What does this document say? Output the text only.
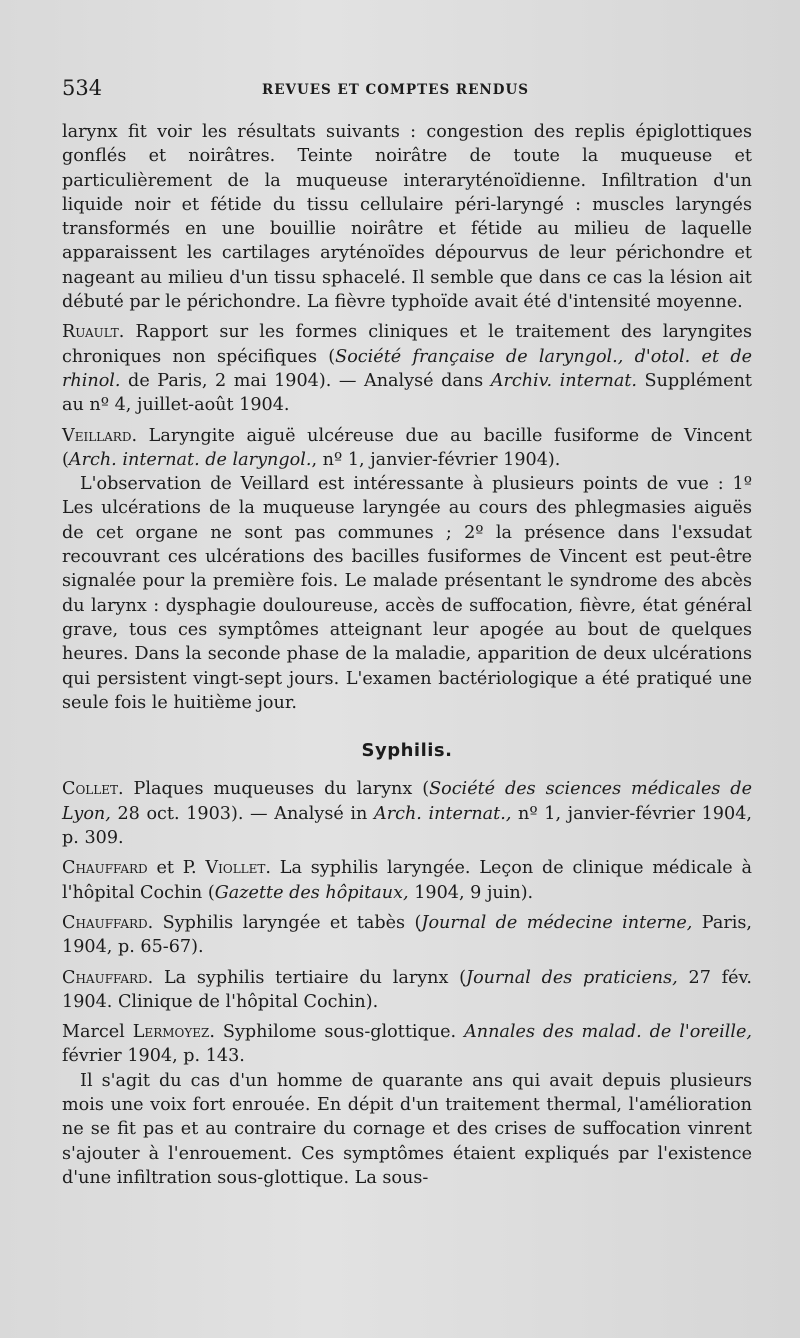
534	REVUES ET COMPTES RENDUS

larynx fit voir les résultats suivants : congestion des replis épiglottiques gonflés et noirâtres. Teinte noirâtre de toute la muqueuse et particulièrement de la muqueuse interaryténoïdienne. Infiltration d'un liquide noir et fétide du tissu cellulaire péri-laryngé : muscles laryngés transformés en une bouillie noirâtre et fétide au milieu de laquelle apparaissent les cartilages aryténoïdes dépourvus de leur périchondre et nageant au milieu d'un tissu sphacelé. Il semble que dans ce cas la lésion ait débuté par le périchondre. La fièvre typhoïde avait été d'intensité moyenne.

Ruault. Rapport sur les formes cliniques et le traitement des laryngites chroniques non spécifiques (Société française de laryngol., d'otol. et de rhinol. de Paris, 2 mai 1904). — Analysé dans Archiv. internat. Supplément au nº 4, juillet-août 1904.

Veillard. Laryngite aiguë ulcéreuse due au bacille fusiforme de Vincent (Arch. internat. de laryngol., nº 1, janvier-février 1904).

L'observation de Veillard est intéressante à plusieurs points de vue : 1º Les ulcérations de la muqueuse laryngée au cours des phlegmasies aiguës de cet organe ne sont pas communes ; 2º la présence dans l'exsudat recouvrant ces ulcérations des bacilles fusiformes de Vincent est peut-être signalée pour la première fois. Le malade présentant le syndrome des abcès du larynx : dysphagie douloureuse, accès de suffocation, fièvre, état général grave, tous ces symptômes atteignant leur apogée au bout de quelques heures. Dans la seconde phase de la maladie, apparition de deux ulcérations qui persistent vingt-sept jours. L'examen bactériologique a été pratiqué une seule fois le huitième jour.

Syphilis.

Collet. Plaques muqueuses du larynx (Société des sciences médicales de Lyon, 28 oct. 1903). — Analysé in Arch. internat., nº 1, janvier-février 1904, p. 309.

Chauffard et P. Viollet. La syphilis laryngée. Leçon de clinique médicale à l'hôpital Cochin (Gazette des hôpitaux, 1904, 9 juin).

Chauffard. Syphilis laryngée et tabès (Journal de médecine interne, Paris, 1904, p. 65-67).

Chauffard. La syphilis tertiaire du larynx (Journal des praticiens, 27 fév. 1904. Clinique de l'hôpital Cochin).

Marcel Lermoyez. Syphilome sous-glottique. Annales des malad. de l'oreille, février 1904, p. 143.

Il s'agit du cas d'un homme de quarante ans qui avait depuis plusieurs mois une voix fort enrouée. En dépit d'un traitement thermal, l'amélioration ne se fit pas et au contraire du cornage et des crises de suffocation vinrent s'ajouter à l'enrouement. Ces symptômes étaient expliqués par l'existence d'une infiltration sous-glottique. La sous-
